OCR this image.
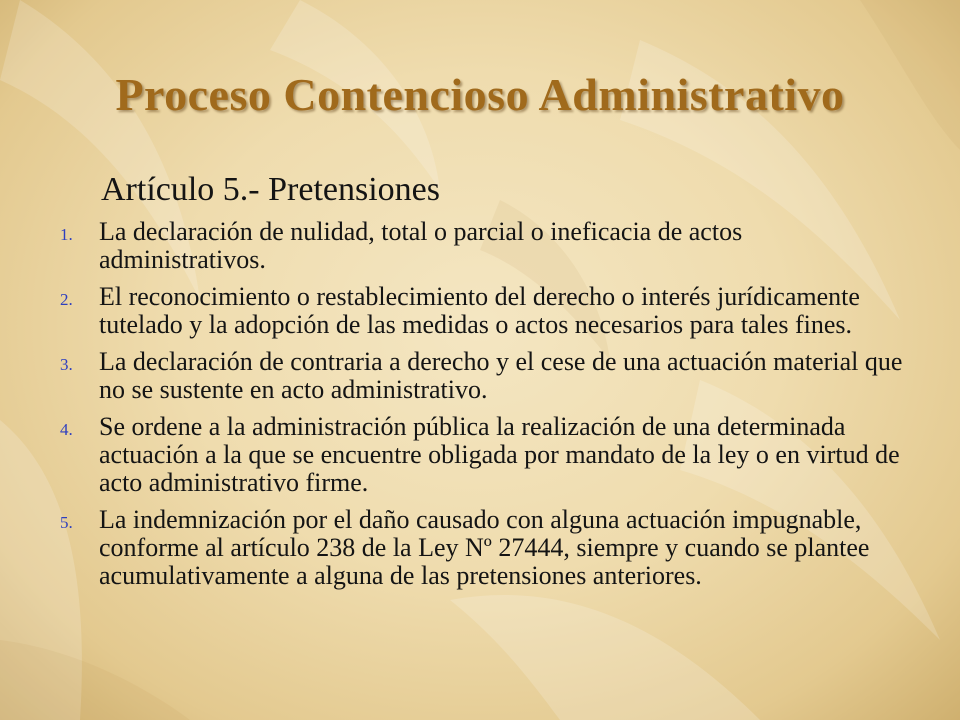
Proceso Contencioso Administrativo

Artículo 5.- Pretensiones

1.	La declaración de nulidad, total o parcial o ineficacia de actos administrativos.
2.	El reconocimiento o restablecimiento del derecho o interés jurídicamente tutelado y la adopción de las medidas o actos necesarios para tales fines.
3.	La declaración de contraria a derecho y el cese de una actuación material que no se sustente en acto administrativo.
4.	Se ordene a la administración pública la realización de una determinada actuación a la que se encuentre obligada por mandato de la ley o en virtud de acto administrativo firme.
5.	La indemnización por el daño causado con alguna actuación impugnable, conforme al artículo 238 de la Ley Nº 27444, siempre y cuando se plantee acumulativamente a alguna de las pretensiones anteriores.
